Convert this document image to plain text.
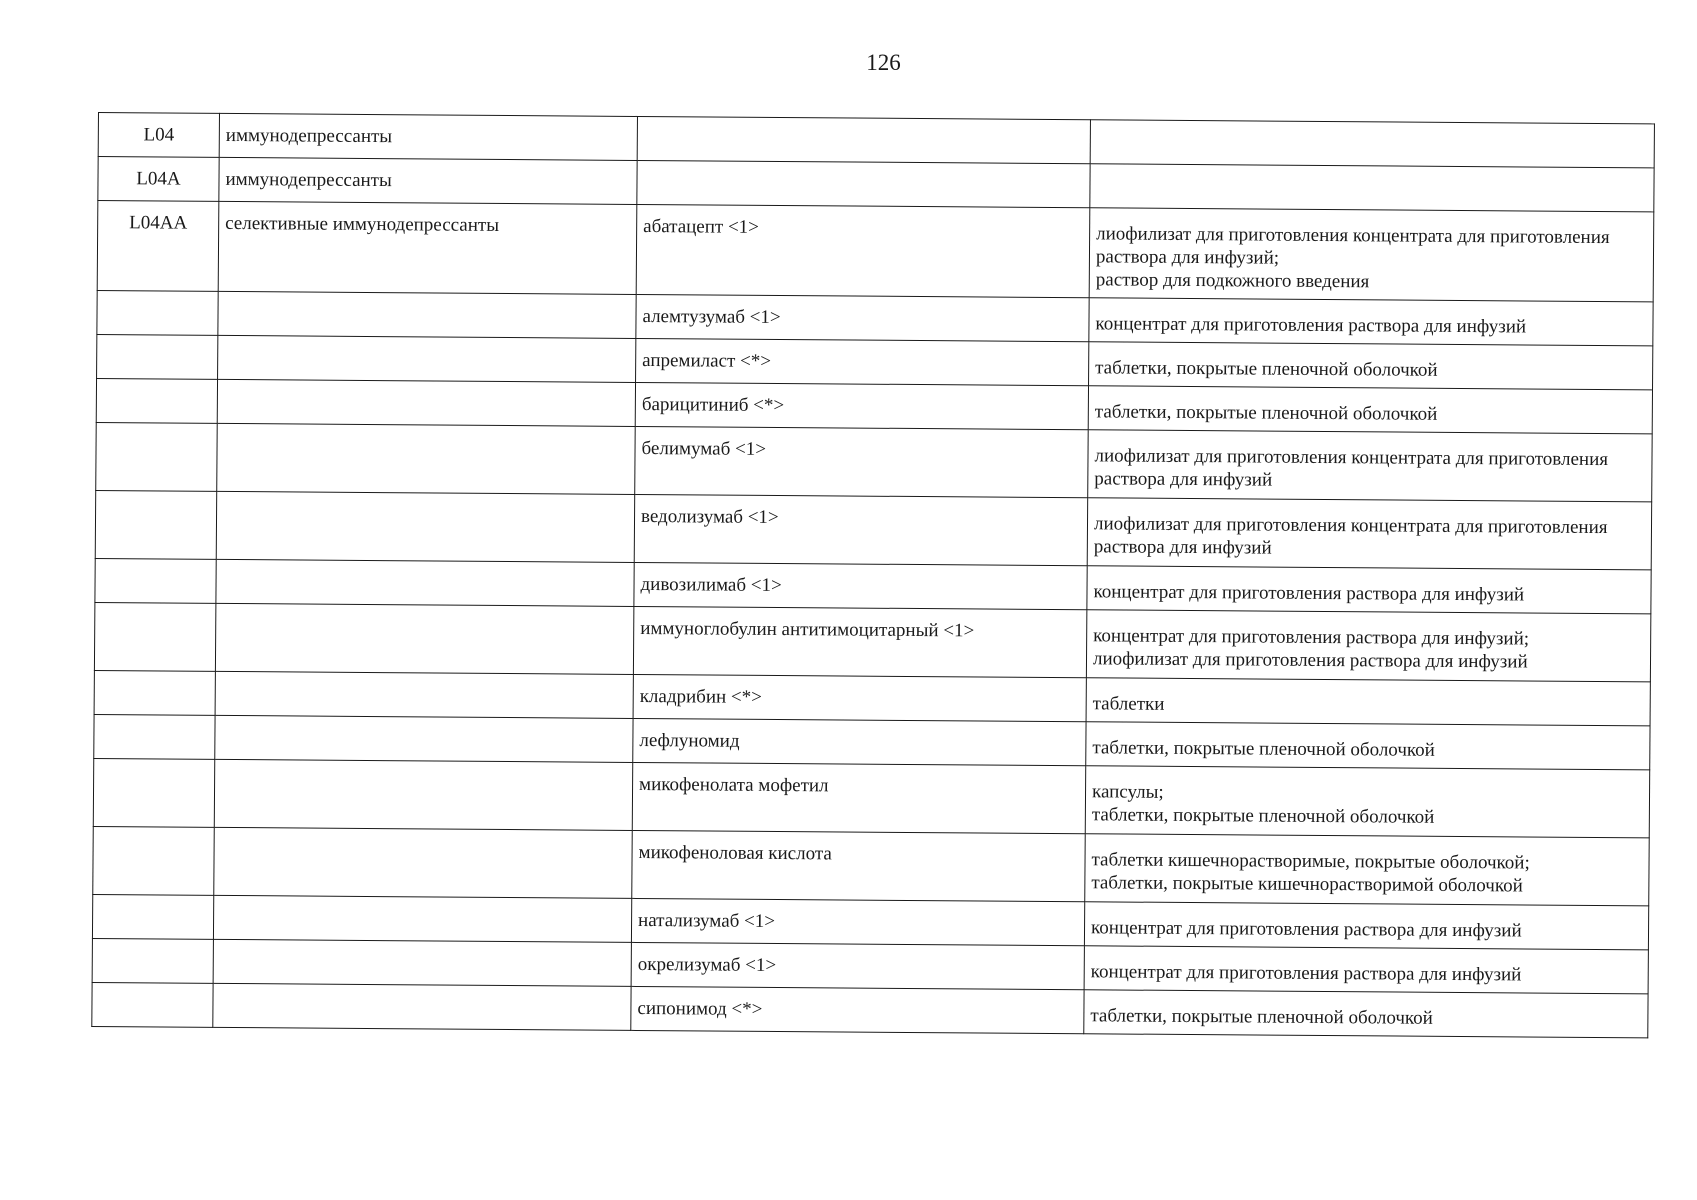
126
L04	иммунодепрессанты		
L04A	иммунодепрессанты		
L04AA	селективные иммунодепрессанты	абатацепт <1>	лиофилизат для приготовления концентрата для приготовления раствора для инфузий;
раствор для подкожного введения
		алемтузумаб <1>	концентрат для приготовления раствора для инфузий
		апремиласт <*>	таблетки, покрытые пленочной оболочкой
		барицитиниб <*>	таблетки, покрытые пленочной оболочкой
		белимумаб <1>	лиофилизат для приготовления концентрата для приготовления раствора для инфузий
		ведолизумаб <1>	лиофилизат для приготовления концентрата для приготовления раствора для инфузий
		дивозилимаб <1>	концентрат для приготовления раствора для инфузий
		иммуноглобулин антитимоцитарный <1>	концентрат для приготовления раствора для инфузий;
лиофилизат для приготовления раствора для инфузий
		кладрибин <*>	таблетки
		лефлуномид	таблетки, покрытые пленочной оболочкой
		микофенолата мофетил	капсулы;
таблетки, покрытые пленочной оболочкой
		микофеноловая кислота	таблетки кишечнорастворимые, покрытые оболочкой;
таблетки, покрытые кишечнорастворимой оболочкой
		натализумаб <1>	концентрат для приготовления раствора для инфузий
		окрелизумаб <1>	концентрат для приготовления раствора для инфузий
		сипонимод <*>	таблетки, покрытые пленочной оболочкой
